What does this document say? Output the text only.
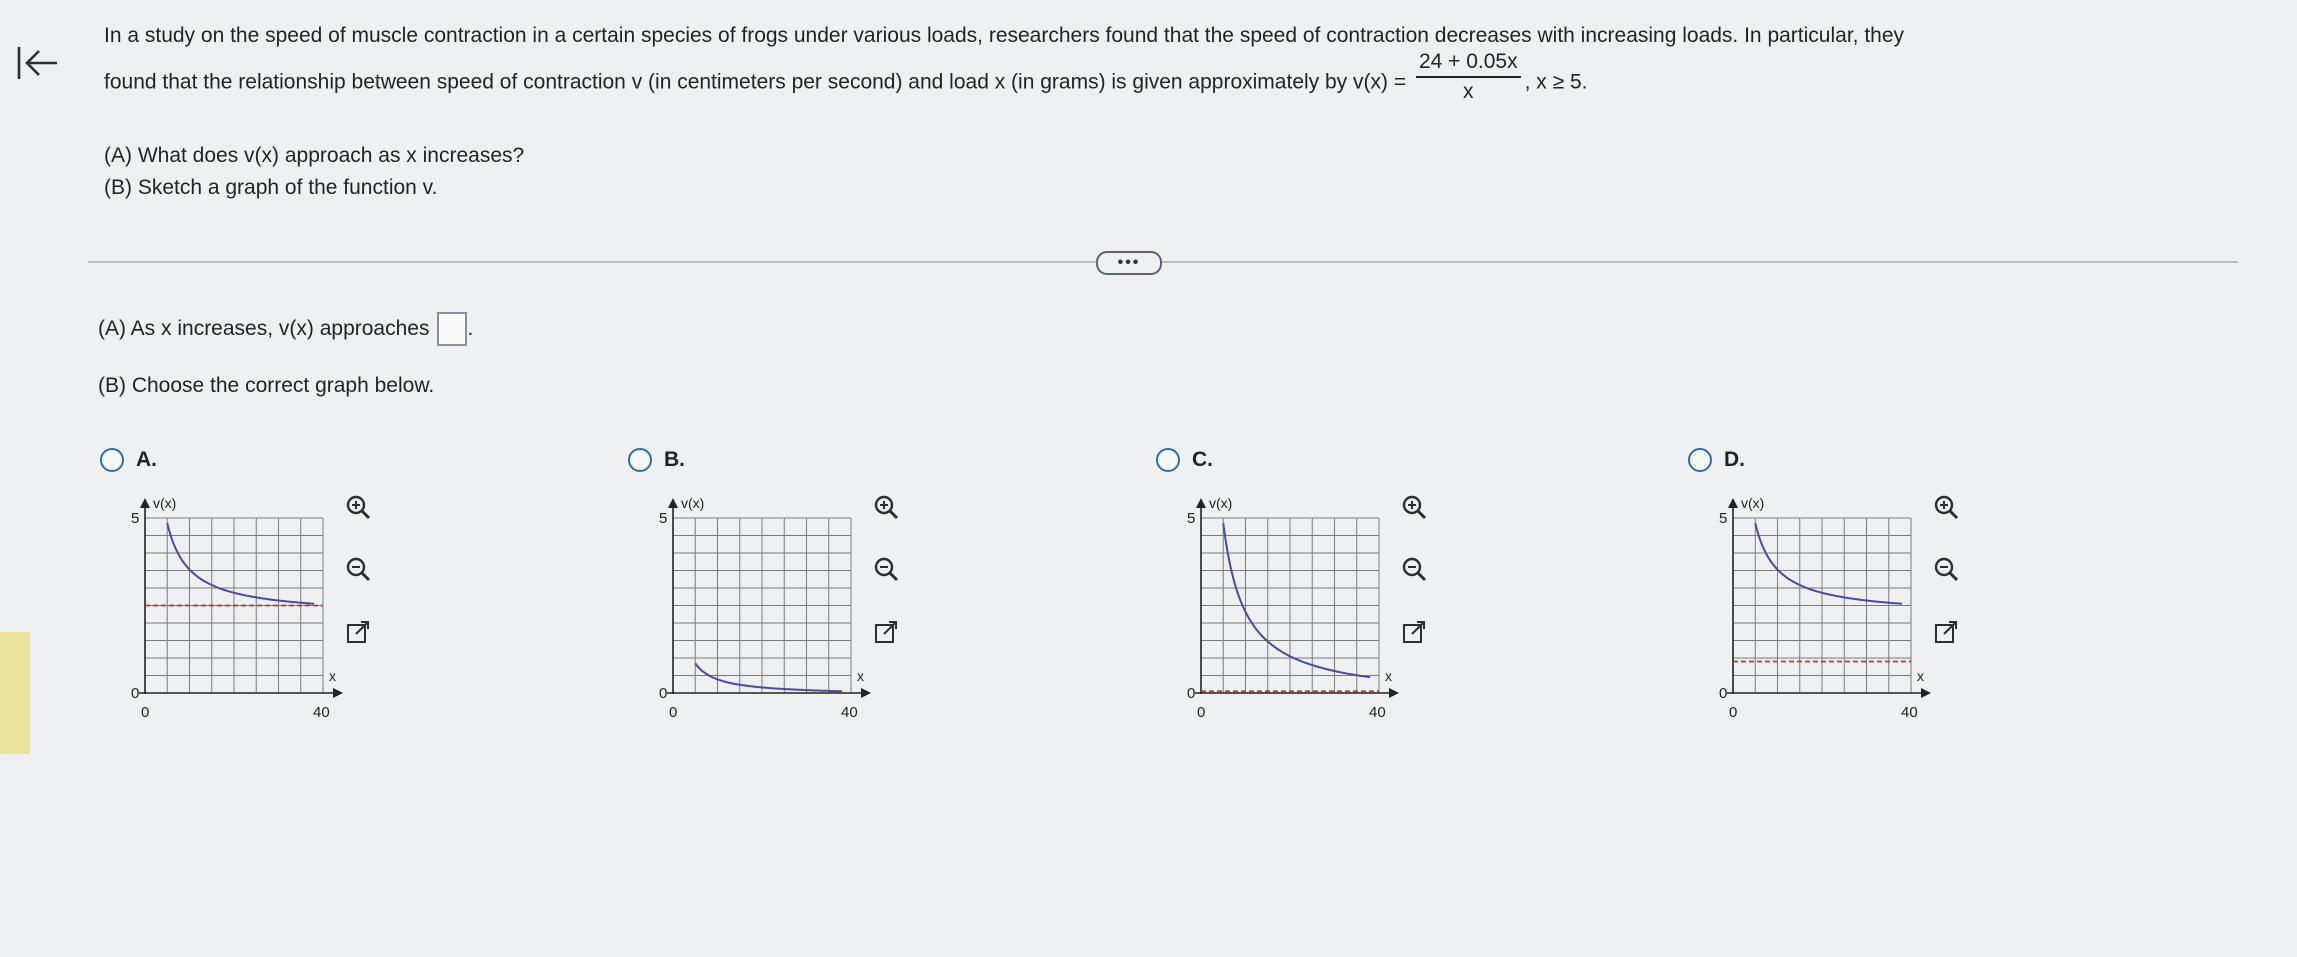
In a study on the speed of muscle contraction in a certain species of frogs under various loads, researchers found that the speed of contraction decreases with increasing loads. In particular, they

found that the relationship between speed of contraction v (in centimeters per second) and load x (in grams) is given approximately by $v(x) = \frac{24 + 0.05x}{x}$ , x ≥ 5.

(A) What does v(x) approach as x increases?
(B) Sketch a graph of the function v.
•••
(A) As x increases, v(x) approaches .
(B) Choose the correct graph below.
A.
v(x)
x
5
0
0	40
B.
v(x)
x
5
0
0	40
C.
v(x)
x
5
0
0	40
D.
v(x)
x
5
0
0	40
